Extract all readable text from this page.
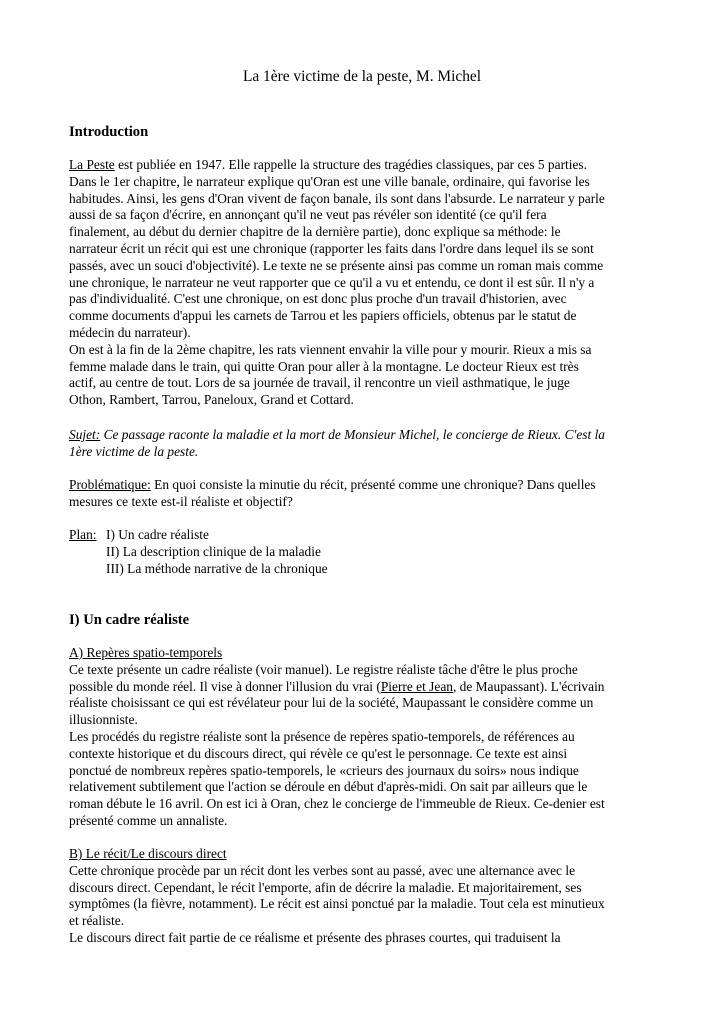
La 1ère victime de la peste, M. Michel
Introduction
La Peste est publiée en 1947. Elle rappelle la structure des tragédies classiques, par ces 5 parties.
Dans le 1er chapitre, le narrateur explique qu'Oran est une ville banale, ordinaire, qui favorise les
habitudes. Ainsi, les gens d'Oran vivent de façon banale, ils sont dans l'absurde. Le narrateur y parle
aussi de sa façon d'écrire, en annonçant qu'il ne veut pas révéler son identité (ce qu'il fera
finalement, au début du dernier chapitre de la dernière partie), donc explique sa méthode: le
narrateur écrit un récit qui est une chronique (rapporter les faits dans l'ordre dans lequel ils se sont
passés, avec un souci d'objectivité). Le texte ne se présente ainsi pas comme un roman mais comme
une chronique, le narrateur ne veut rapporter que ce qu'il a vu et entendu, ce dont il est sûr. Il n'y a
pas d'individualité. C'est une chronique, on est donc plus proche d'un travail d'historien, avec
comme documents d'appui les carnets de Tarrou et les papiers officiels, obtenus par le statut de
médecin du narrateur).
On est à la fin de la 2ème chapitre, les rats viennent envahir la ville pour y mourir. Rieux a mis sa
femme malade dans le train, qui quitte Oran pour aller à la montagne. Le docteur Rieux est très
actif, au centre de tout. Lors de sa journée de travail, il rencontre un vieil asthmatique, le juge
Othon, Rambert, Tarrou, Paneloux, Grand et Cottard.
Sujet: Ce passage raconte la maladie et la mort de Monsieur Michel, le concierge de Rieux. C'est la
1ère victime de la peste.
Problématique: En quoi consiste la minutie du récit, présenté comme une chronique? Dans quelles
mesures ce texte est-il réaliste et objectif?
Plan: I) Un cadre réaliste
II) La description clinique de la maladie
III) La méthode narrative de la chronique
I) Un cadre réaliste
A) Repères spatio-temporels
Ce texte présente un cadre réaliste (voir manuel). Le registre réaliste tâche d'être le plus proche
possible du monde réel. Il vise à donner l'illusion du vrai (Pierre et Jean, de Maupassant). L'écrivain
réaliste choisissant ce qui est révélateur pour lui de la société, Maupassant le considère comme un
illusionniste.
Les procédés du registre réaliste sont la présence de repères spatio-temporels, de références au
contexte historique et du discours direct, qui révèle ce qu'est le personnage. Ce texte est ainsi
ponctué de nombreux repères spatio-temporels, le «crieurs des journaux du soirs» nous indique
relativement subtilement que l'action se déroule en début d'après-midi. On sait par ailleurs que le
roman débute le 16 avril. On est ici à Oran, chez le concierge de l'immeuble de Rieux. Ce-denier est
présenté comme un annaliste.
B) Le récit/Le discours direct
Cette chronique procède par un récit dont les verbes sont au passé, avec une alternance avec le
discours direct. Cependant, le récit l'emporte, afin de décrire la maladie. Et majoritairement, ses
symptômes (la fièvre, notamment). Le récit est ainsi ponctué par la maladie. Tout cela est minutieux
et réaliste.
Le discours direct fait partie de ce réalisme et présente des phrases courtes, qui traduisent la
